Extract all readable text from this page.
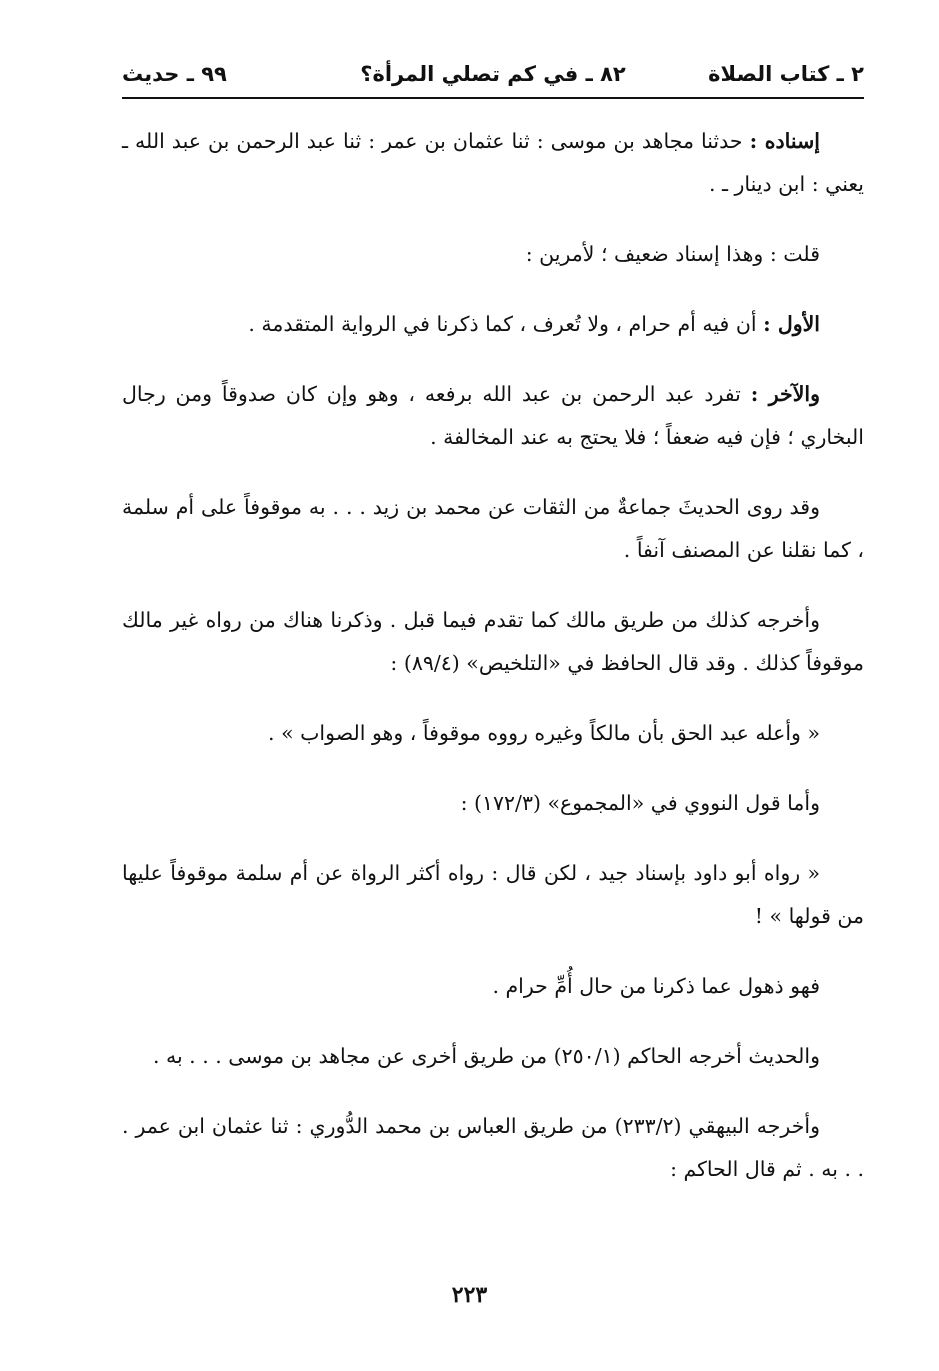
٢ ـ كتاب الصلاة
٨٢ ـ في كم تصلي المرأة؟
٩٩ ـ حديث

إسناده : حدثنا مجاهد بن موسى : ثنا عثمان بن عمر : ثنا عبد الرحمن بن عبد الله ـ يعني : ابن دينار ـ .

قلت : وهذا إسناد ضعيف ؛ لأمرين :

الأول : أن فيه أم حرام ، ولا تُعرف ، كما ذكرنا في الرواية المتقدمة .

والآخر : تفرد عبد الرحمن بن عبد الله برفعه ، وهو وإن كان صدوقاً ومن رجال البخاري ؛ فإن فيه ضعفاً ؛ فلا يحتج به عند المخالفة .

وقد روى الحديثَ جماعةٌ من الثقات عن محمد بن زيد . . . به موقوفاً على أم سلمة ، كما نقلنا عن المصنف آنفاً .

وأخرجه كذلك من طريق مالك كما تقدم فيما قبل . وذكرنا هناك من رواه غير مالك موقوفاً كذلك . وقد قال الحافظ في «التلخيص» (٨٩/٤) :

« وأعله عبد الحق بأن مالكاً وغيره رووه موقوفاً ، وهو الصواب » .

وأما قول النووي في «المجموع» (١٧٢/٣) :

« رواه أبو داود بإسناد جيد ، لكن قال : رواه أكثر الرواة عن أم سلمة موقوفاً عليها من قولها » !

فهو ذهول عما ذكرنا من حال أُمِّ حرام .

والحديث أخرجه الحاكم (٢٥٠/١) من طريق أخرى عن مجاهد بن موسى . . . به .

وأخرجه البيهقي (٢٣٣/٢) من طريق العباس بن محمد الدُّوري : ثنا عثمان ابن عمر . . . به . ثم قال الحاكم :

٢٢٣
